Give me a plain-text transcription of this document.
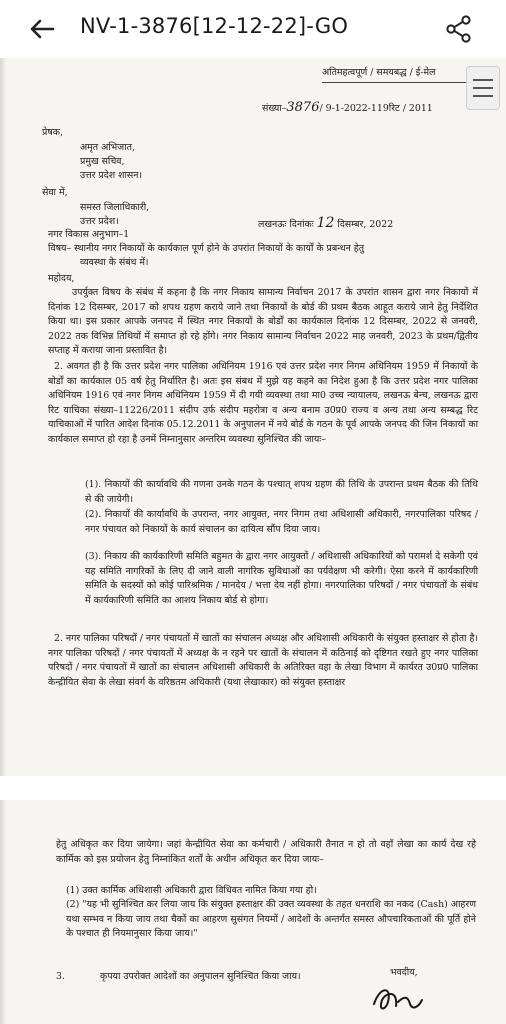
NV-1-3876[12-12-22]-GO
अतिमहत्वपूर्ण / समयबद्ध / ई-मेल
संख्या–3876/ 9-1-2022-119रिट / 2011
प्रेषक,
अमृत अभिजात,
प्रमुख सचिव,
उत्तर प्रदेश शासन।
सेवा में,
समस्त जिलाधिकारी,
उत्तर प्रदेश।
नगर विकास अनुभाग–1
लखनऊः दिनांकः 12 दिसम्बर, 2022
विषय– स्थानीय नगर निकायों के कार्यकाल पूर्ण होने के उपरांत निकायों के कार्यों के प्रबन्धन हेतु
व्यवस्था के संबंध में।
महोदय,
उपर्युक्त विषय के संबंध में कहना है कि नगर निकाय सामान्य निर्वाचन 2017 के उपरांत शासन द्वारा नगर निकायों में दिनांक 12 दिसम्बर, 2017 को शपथ ग्रहण कराये जाने तथा निकायों के बोर्ड की प्रथम बैठक आहूत कराये जाने हेतु निर्देशित किया था। इस प्रकार आपके जनपद में स्थित नगर निकायों के बोर्डों का कार्यकाल दिनांक 12 दिसम्बर, 2022 से जनवरी, 2022 तक विभिन्न तिथियों में समाप्त हो रहे होंगे। नगर निकाय सामान्य निर्वाचन 2022 माह जनवरी, 2023 के प्रथम/द्वितीय सप्ताह में कराया जाना प्रस्तावित है।
2. अवगत ही है कि उत्तर प्रदेश नगर पालिका अधिनियम 1916 एवं उत्तर प्रदेश नगर निगम अधिनियम 1959 में निकायों के बोर्डों का कार्यकाल 05 वर्ष हेतु निर्धारित है। अतः इस संबध में मुझे यह कहने का निदेश हुआ है कि उत्तर प्रदेश नगर पालिका अधिनियम 1916 एवं नगर निगम अधिनियम 1959 में दी गयी व्यवस्था तथा मा0 उच्च न्यायालय, लखनऊ बेन्च, लखनऊ द्वारा रिट याचिका संख्या–11226/2011 संदीप उर्फ संदीप महरोत्रा व अन्य बनाम उ0प्र0 राज्य व अन्य तथा अन्य सम्बद्ध रिट याचिकाओं में पारित आदेश दिनांक 05.12.2011 के अनुपालन में नये बोर्ड के गठन के पूर्व आपके जनपद की जिन निकायों का कार्यकाल समाप्त हो रहा है उनमें निम्नानुसार अन्तरिम व्यवस्था सुनिश्चित की जायः–
(1). निकायों की कार्यावधि की गणना उनके गठन के पश्चात् शपथ ग्रहण की तिथि के उपरान्त प्रथम बैठक की तिथि से की जायेगी।
(2). निकायों की कार्यावधि के उपरान्त, नगर आयुक्त, नगर निगम तथा अधिशासी अधिकारी, नगरपालिका परिषद / नगर पंचायत को निकायों के कार्य संचालन का दायित्व सौंप दिया जाय।
(3). निकाय की कार्यकारिणी समिति बहुमत के द्वारा नगर आयुक्तों / अधिशासी अधिकारियों को परामर्श दे सकेगी एवं यह समिति नागरिकों के लिए दी जाने वाली नागरिक सुविधाओं का पर्यवेक्षण भी करेगी। ऐसा करने में कार्यकारिणी समिति के सदस्यों को कोई पारिश्रमिक / मानदेय / भत्ता देय नहीं होगा। नगरपालिका परिषदों / नगर पंचायतों के संबंध में कार्यकारिणी समिति का आशय निकाय बोर्ड से होगा।
2. नगर पालिका परिषदों / नगर पंचायतों में खातों का संचालन अध्यक्ष और अधिशासी अधिकारी के संयुक्त हस्ताक्षर से होता है। नगर पालिका परिषदों / नगर पंचायतों में अध्यक्ष के न रहने पर खातों के संचालन में कठिनाई को दृष्टिगत रखते हुए नगर पालिका परिषदों / नगर पंचायतों में खातों का संचालन अधिशासी अधिकारी के अतिरिक्त वहा के लेखा विभाग में कार्यरत उ0प्र0 पालिका केन्द्रीयित सेवा के लेखा संवर्ग के वरिष्ठतम अधिकारी (यथा लेखाकार) को संयुक्त हस्ताक्षर
हेतु अधिकृत कर दिया जायेगा। जहां केन्द्रीयित सेवा का कर्मचारी / अधिकारी तैनात न हो तो वहाँ लेखा का कार्य देख रहे कार्मिक को इस प्रयोजन हेतु निम्नांकित शर्तों के अधीन अधिकृत कर दिया जायः–
(1) उक्त कार्मिक अधिशासी अधिकारी द्वारा विधिवत नामित किया गया हो।
(2) "यह भी सुनिश्चित कर लिया जाय कि संयुक्त हस्ताक्षर की उक्त व्यवस्था के तहत धनराशि का नकद (Cash) आहरण यथा सम्भव न किया जाय तथा चैकों का आहरण सुसंगत नियमों / आदेशों के अन्तर्गत समस्त औपचारिकताओं की पूर्ति होने के पश्चात ही नियमानुसार किया जाय।"
3.	कृपया उपरोक्त आदेशों का अनुपालन सुनिश्चित किया जाय।	भवदीय,
